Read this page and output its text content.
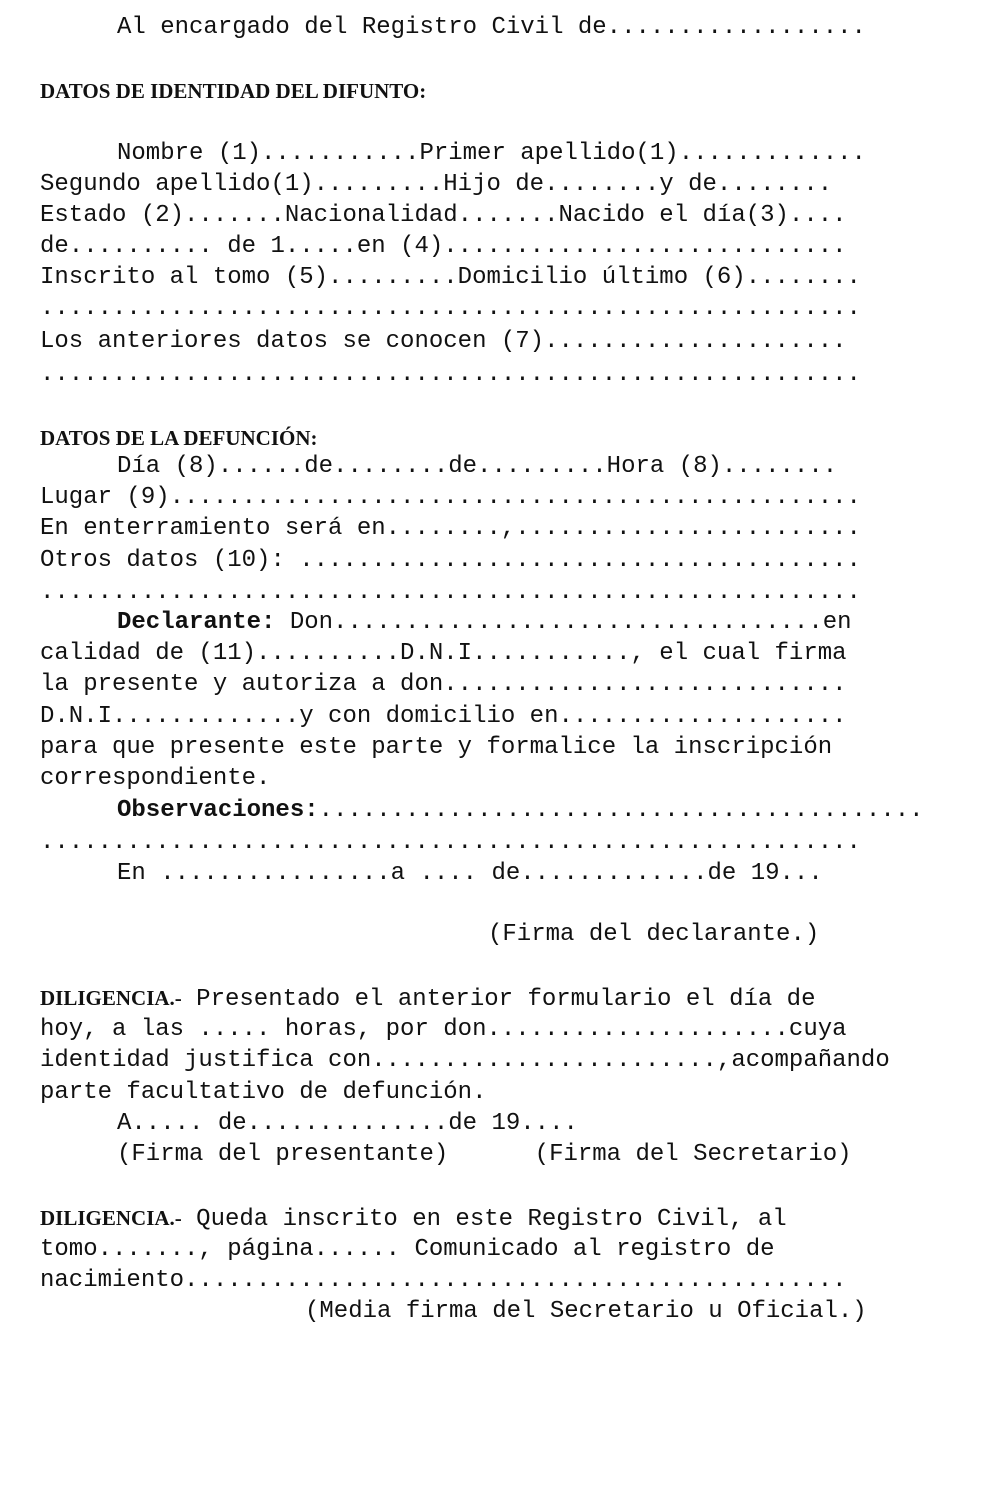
Al encargado del Registro Civil de..................
DATOS DE IDENTIDAD DEL DIFUNTO:
Nombre (1)...........Primer apellido(1).............
Segundo apellido(1).........Hijo de........y de........
Estado (2).......Nacionalidad.......Nacido el día(3)....
de.......... de 1.....en (4)............................
Inscrito al tomo (5).........Domicilio último (6)........
.........................................................
Los anteriores datos se conocen (7).....................
.........................................................
DATOS DE LA DEFUNCIÓN:
Día (8)......de........de.........Hora (8)........
Lugar (9)................................................
En enterramiento será en........,........................
Otros datos (10): .......................................
.........................................................
Declarante: Don..................................en
calidad de (11)..........D.N.I..........., el cual firma
la presente y autoriza a don............................
D.N.I.............y con domicilio en....................
para que presente este parte y formalice la inscripción
correspondiente.
Observaciones:..........................................
.........................................................
En ................a .... de.............de 19...
(Firma del declarante.)
DILIGENCIA.- Presentado el anterior formulario el día de
hoy, a las ..... horas, por don.....................cuya
identidad justifica con........................,acompañando
parte facultativo de defunción.
A..... de..............de 19....
(Firma del presentante)      (Firma del Secretario)
DILIGENCIA.- Queda inscrito en este Registro Civil, al
tomo......., página...... Comunicado al registro de
nacimiento..............................................
(Media firma del Secretario u Oficial.)
